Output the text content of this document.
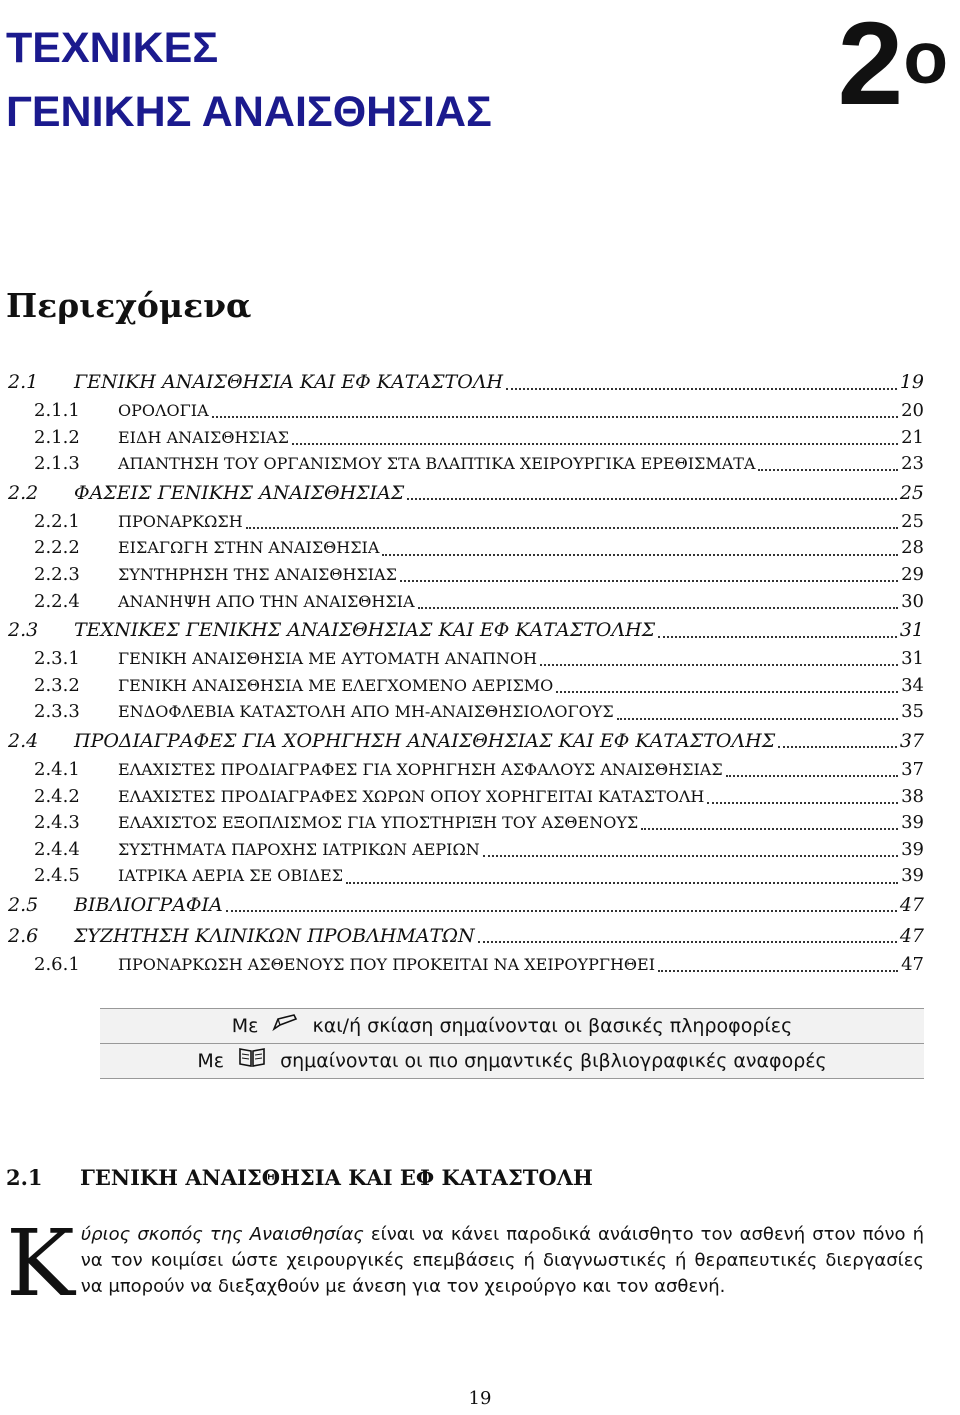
ΤΕΧΝΙΚΕΣ
ΓΕΝΙΚΗΣ ΑΝΑΙΣΘΗΣΙΑΣ	$2^o$
Περιεχόμενα
2.1	ΓΕΝΙΚΗ ΑΝΑΙΣΘΗΣΙΑ ΚΑΙ ΕΦ ΚΑΤΑΣΤΟΛΗ	19
2.1.1	ΟΡΟΛΟΓΙΑ	20
2.1.2	ΕΙΔΗ ΑΝΑΙΣΘΗΣΙΑΣ	21
2.1.3	ΑΠΑΝΤΗΣΗ ΤΟΥ ΟΡΓΑΝΙΣΜΟΥ ΣΤΑ ΒΛΑΠΤΙΚΑ ΧΕΙΡΟΥΡΓΙΚΑ ΕΡΕΘΙΣΜΑΤΑ	23
2.2	ΦΑΣΕΙΣ ΓΕΝΙΚΗΣ ΑΝΑΙΣΘΗΣΙΑΣ	25
2.2.1	ΠΡΟΝΑΡΚΩΣΗ	25
2.2.2	ΕΙΣΑΓΩΓΗ ΣΤΗΝ ΑΝΑΙΣΘΗΣΙΑ	28
2.2.3	ΣΥΝΤΗΡΗΣΗ ΤΗΣ ΑΝΑΙΣΘΗΣΙΑΣ	29
2.2.4	ΑΝΑΝΗΨΗ ΑΠΟ ΤΗΝ ΑΝΑΙΣΘΗΣΙΑ	30
2.3	ΤΕΧΝΙΚΕΣ ΓΕΝΙΚΗΣ ΑΝΑΙΣΘΗΣΙΑΣ ΚΑΙ ΕΦ ΚΑΤΑΣΤΟΛΗΣ	31
2.3.1	ΓΕΝΙΚΗ ΑΝΑΙΣΘΗΣΙΑ ΜΕ ΑΥΤΟΜΑΤΗ ΑΝΑΠΝΟΗ	31
2.3.2	ΓΕΝΙΚΗ ΑΝΑΙΣΘΗΣΙΑ ΜΕ ΕΛΕΓΧΟΜΕΝΟ ΑΕΡΙΣΜΟ	34
2.3.3	ΕΝΔΟΦΛΕΒΙΑ ΚΑΤΑΣΤΟΛΗ ΑΠΟ ΜΗ-ΑΝΑΙΣΘΗΣΙΟΛΟΓΟΥΣ	35
2.4	ΠΡΟΔΙΑΓΡΑΦΕΣ ΓΙΑ ΧΟΡΗΓΗΣΗ ΑΝΑΙΣΘΗΣΙΑΣ ΚΑΙ ΕΦ ΚΑΤΑΣΤΟΛΗΣ	37
2.4.1	ΕΛΑΧΙΣΤΕΣ ΠΡΟΔΙΑΓΡΑΦΕΣ ΓΙΑ ΧΟΡΗΓΗΣΗ ΑΣΦΑΛΟΥΣ ΑΝΑΙΣΘΗΣΙΑΣ	37
2.4.2	ΕΛΑΧΙΣΤΕΣ ΠΡΟΔΙΑΓΡΑΦΕΣ ΧΩΡΩΝ ΟΠΟΥ ΧΟΡΗΓΕΙΤΑΙ ΚΑΤΑΣΤΟΛΗ	38
2.4.3	ΕΛΑΧΙΣΤΟΣ ΕΞΟΠΛΙΣΜΟΣ ΓΙΑ ΥΠΟΣΤΗΡΙΞΗ ΤΟΥ ΑΣΘΕΝΟΥΣ	39
2.4.4	ΣΥΣΤΗΜΑΤΑ ΠΑΡΟΧΗΣ ΙΑΤΡΙΚΩΝ ΑΕΡΙΩΝ	39
2.4.5	ΙΑΤΡΙΚΑ ΑΕΡΙΑ ΣΕ ΟΒΙΔΕΣ	39
2.5	ΒΙΒΛΙΟΓΡΑΦΙΑ	47
2.6	ΣΥΖΗΤΗΣΗ ΚΛΙΝΙΚΩΝ ΠΡΟΒΛΗΜΑΤΩΝ	47
2.6.1	ΠΡΟΝΑΡΚΩΣΗ ΑΣΘΕΝΟΥΣ ΠΟΥ ΠΡΟΚΕΙΤΑΙ ΝΑ ΧΕΙΡΟΥΡΓΗΘΕΙ	47
Με	και/ή σκίαση σημαίνονται οι βασικές πληροφορίες
Με	σημαίνονται οι πιο σημαντικές βιβλιογραφικές αναφορές
2.1 ΓΕΝΙΚΗ ΑΝΑΙΣΘΗΣΙΑ ΚΑΙ ΕΦ ΚΑΤΑΣΤΟΛΗ
Κύριος σκοπός της Αναισθησίας είναι να κάνει παροδικά ανάισθητο τον ασθενή στον πόνο ή να τον κοιμίσει ώστε χειρουργικές επεμβάσεις ή διαγνωστικές ή θεραπευτικές διεργασίες να μπορούν να διεξαχθούν με άνεση για τον χειρούργο και τον ασθενή.
19
